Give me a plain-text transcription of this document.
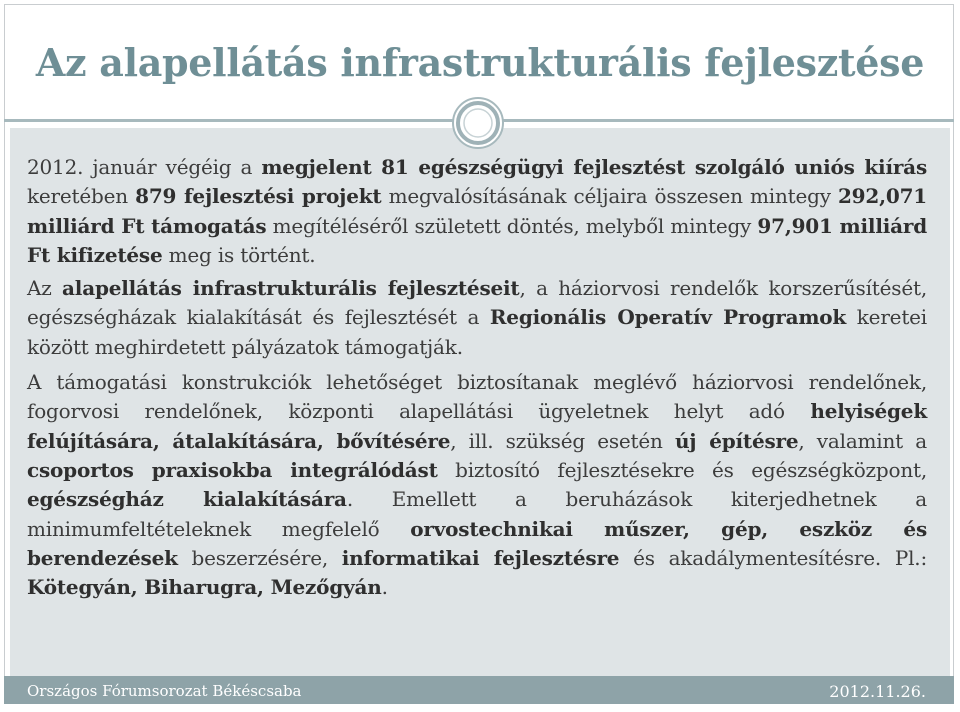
Az alapellátás infrastrukturális fejlesztése

2012. január végéig a megjelent 81 egészségügyi fejlesztést szolgáló uniós kiírás keretében 879 fejlesztési projekt megvalósításának céljaira összesen mintegy 292,071 milliárd Ft támogatás megítéléséről született döntés, melyből mintegy 97,901 milliárd Ft kifizetése meg is történt.

Az alapellátás infrastrukturális fejlesztéseit, a háziorvosi rendelők korszerűsítését, egészségházak kialakítását és fejlesztését a Regionális Operatív Programok keretei között meghirdetett pályázatok támogatják.

A támogatási konstrukciók lehetőséget biztosítanak meglévő háziorvosi rendelőnek, fogorvosi rendelőnek, központi alapellátási ügyeletnek helyt adó helyiségek felújítására, átalakítására, bővítésére, ill. szükség esetén új építésre, valamint a csoportos praxisokba integrálódást biztosító fejlesztésekre és egészségközpont, egészségház kialakítására. Emellett a beruházások kiterjedhetnek a minimumfeltételeknek megfelelő orvostechnikai műszer, gép, eszköz és berendezések beszerzésére, informatikai fejlesztésre és akadálymentesítésre. Pl.: Kötegyán, Biharugra, Mezőgyán.

Országos Fórumsorozat Békéscsaba	2012.11.26.
